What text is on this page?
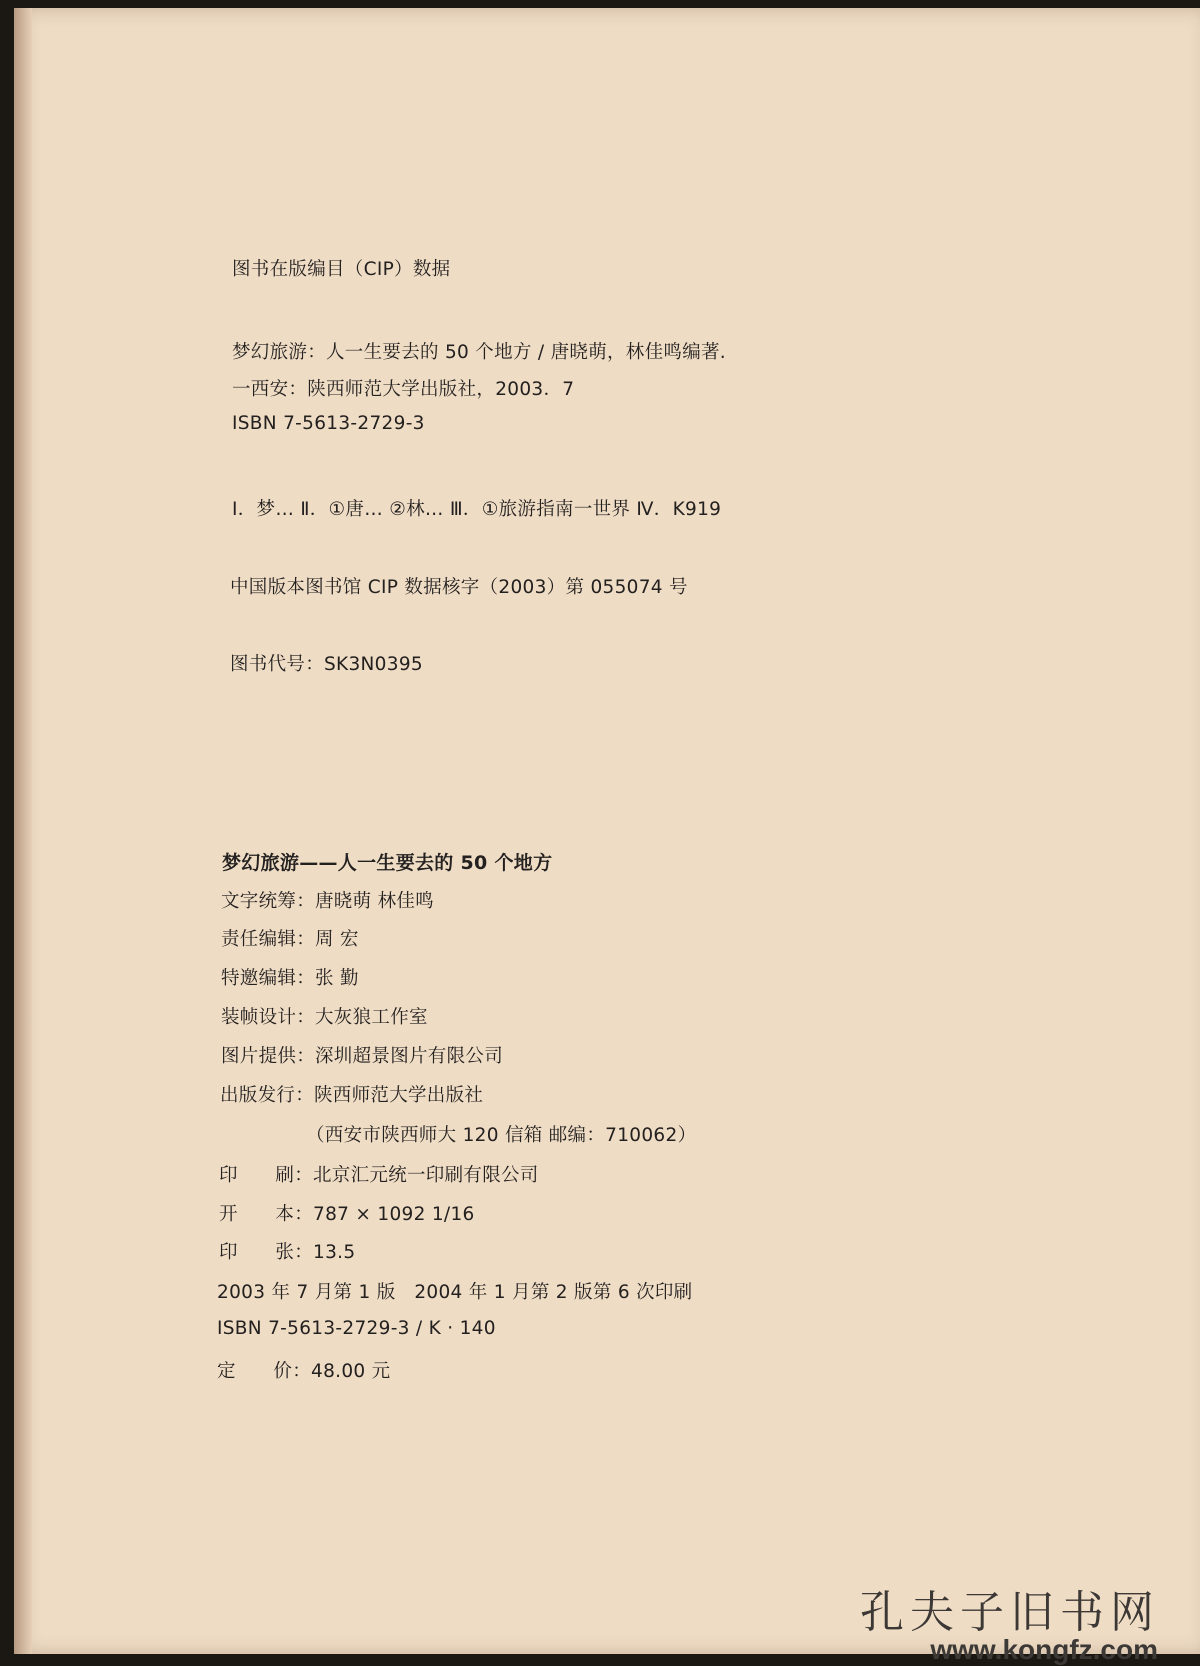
图书在版编目（CIP）数据
梦幻旅游：人一生要去的 50 个地方 / 唐晓萌，林佳鸣编著.
一西安：陕西师范大学出版社，2003．7
ISBN 7-5613-2729-3
Ⅰ．梦… Ⅱ．①唐… ②林… Ⅲ．①旅游指南一世界 Ⅳ．K919
中国版本图书馆 CIP 数据核字（2003）第 055074 号
图书代号：SK3N0395
梦幻旅游——人一生要去的 50 个地方
文字统筹：唐晓萌 林佳鸣
责任编辑：周 宏
特邀编辑：张 勤
装帧设计：大灰狼工作室
图片提供：深圳超景图片有限公司
出版发行：陕西师范大学出版社
（西安市陕西师大 120 信箱 邮编：710062）
印　　刷：北京汇元统一印刷有限公司
开　　本：787 × 1092 1/16
印　　张：13.5
2003 年 7 月第 1 版　2004 年 1 月第 2 版第 6 次印刷
ISBN 7-5613-2729-3 / K · 140
定　　价：48.00 元
孔夫子旧书网
www.kongfz.com
